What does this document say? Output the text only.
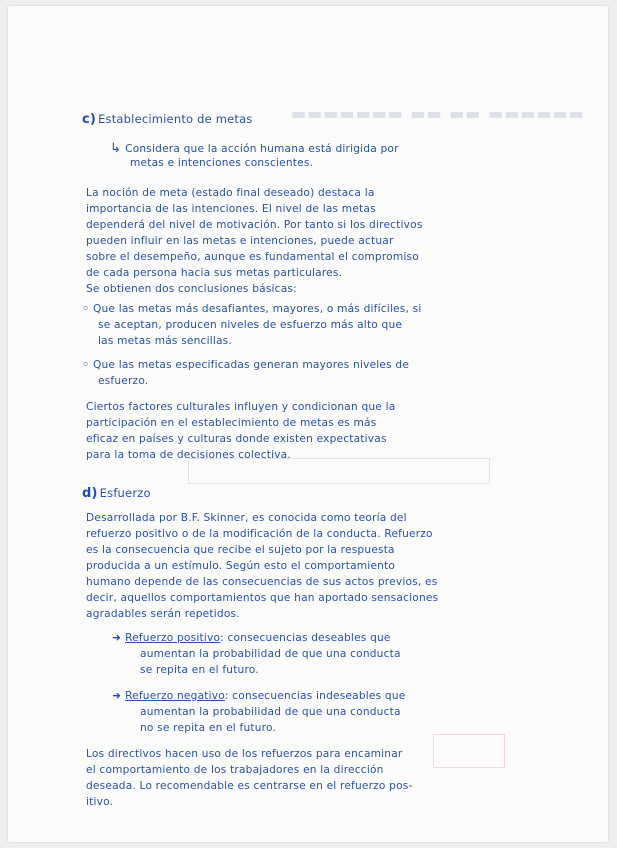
▬▬▬▬▬▬ ▬▬ ▬▬ ▬▬▬▬▬▬▬
c) Establecimiento de metas
↳ Considera que la acción humana está dirigida por
metas e intenciones conscientes.
La noción de meta (estado final deseado) destaca la
importancia de las intenciones. El nivel de las metas
dependerá del nivel de motivación. Por tanto si los directivos
pueden influir en las metas e intenciones, puede actuar
sobre el desempeño, aunque es fundamental el compromiso
de cada persona hacia sus metas particulares.
Se obtienen dos conclusiones básicas:
◦ Que las metas más desafiantes, mayores, o más difíciles, si
se aceptan, producen niveles de esfuerzo más alto que
las metas más sencillas.
◦ Que las metas especificadas generan mayores niveles de
esfuerzo.
Ciertos factores culturales influyen y condicionan que la
participación en el establecimiento de metas es más
eficaz en países y culturas donde existen expectativas
para la toma de decisiones colectiva.
d) Esfuerzo
Desarrollada por B.F. Skinner, es conocida como teoría del
refuerzo positivo o de la modificación de la conducta. Refuerzo
es la consecuencia que recibe el sujeto por la respuesta
producida a un estímulo. Según esto el comportamiento
humano depende de las consecuencias de sus actos previos, es
decir, aquellos comportamientos que han aportado sensaciones
agradables serán repetidos.
➜ Refuerzo positivo: consecuencias deseables que
aumentan la probabilidad de que una conducta
se repita en el futuro.
➜ Refuerzo negativo: consecuencias indeseables que
aumentan la probabilidad de que una conducta
no se repita en el futuro.
Los directivos hacen uso de los refuerzos para encaminar
el comportamiento de los trabajadores en la dirección
deseada. Lo recomendable es centrarse en el refuerzo pos-
itivo.
